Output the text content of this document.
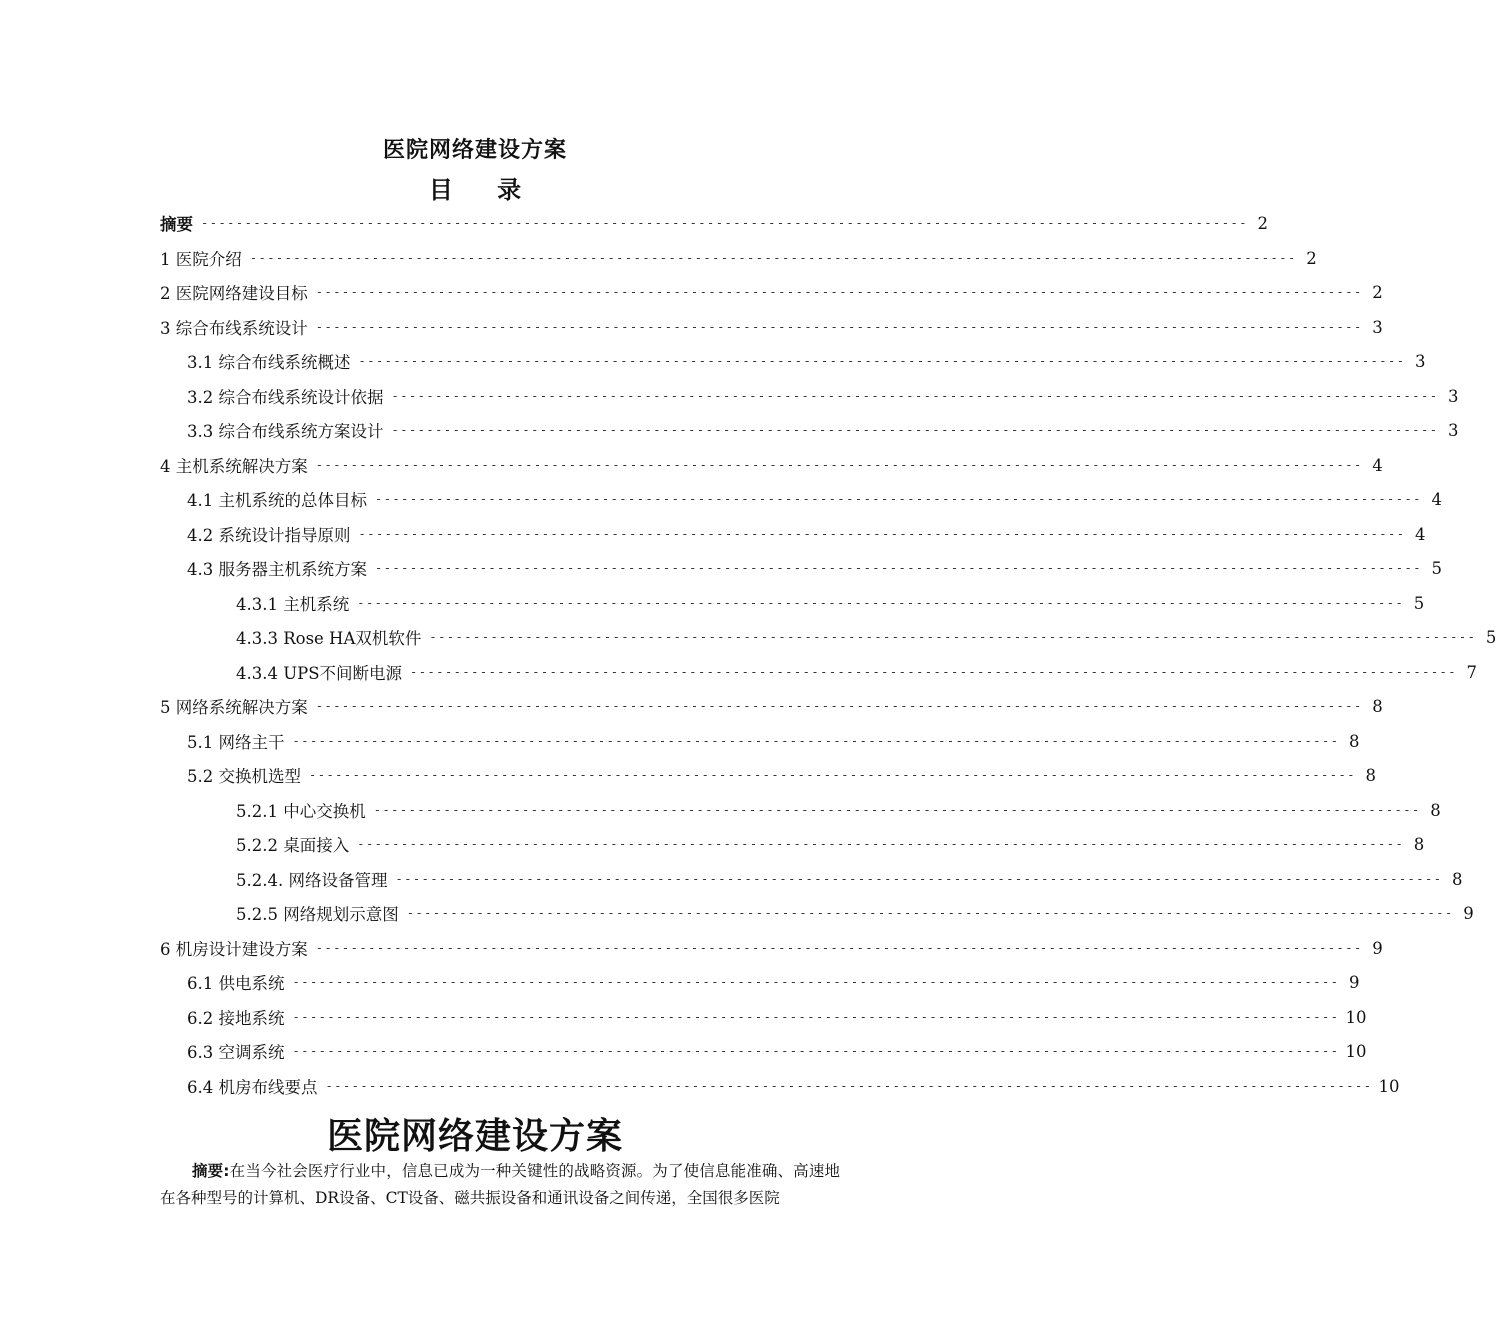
医院网络建设方案
目 录
摘要 ------------------------------------------------------------------------------------------------------------------------ 2
1 医院介绍 ------------------------------------------------------------------------------------------------------------------------ 2
2 医院网络建设目标 ------------------------------------------------------------------------------------------------------------------------ 2
3 综合布线系统设计 ------------------------------------------------------------------------------------------------------------------------ 3
3.1 综合布线系统概述 ------------------------------------------------------------------------------------------------------------------------ 3
3.2 综合布线系统设计依据 ------------------------------------------------------------------------------------------------------------------------ 3
3.3 综合布线系统方案设计 ------------------------------------------------------------------------------------------------------------------------ 3
4 主机系统解决方案 ------------------------------------------------------------------------------------------------------------------------ 4
4.1 主机系统的总体目标 ------------------------------------------------------------------------------------------------------------------------ 4
4.2 系统设计指导原则 ------------------------------------------------------------------------------------------------------------------------ 4
4.3 服务器主机系统方案 ------------------------------------------------------------------------------------------------------------------------ 5
4.3.1 主机系统 ------------------------------------------------------------------------------------------------------------------------ 5
4.3.3 Rose HA双机软件 ------------------------------------------------------------------------------------------------------------------------ 5
4.3.4 UPS不间断电源 ------------------------------------------------------------------------------------------------------------------------ 7
5 网络系统解决方案 ------------------------------------------------------------------------------------------------------------------------ 8
5.1 网络主干 ------------------------------------------------------------------------------------------------------------------------ 8
5.2 交换机选型 ------------------------------------------------------------------------------------------------------------------------ 8
5.2.1 中心交换机 ------------------------------------------------------------------------------------------------------------------------ 8
5.2.2 桌面接入 ------------------------------------------------------------------------------------------------------------------------ 8
5.2.4. 网络设备管理 ------------------------------------------------------------------------------------------------------------------------ 8
5.2.5 网络规划示意图 ------------------------------------------------------------------------------------------------------------------------ 9
6 机房设计建设方案 ------------------------------------------------------------------------------------------------------------------------ 9
6.1 供电系统 ------------------------------------------------------------------------------------------------------------------------ 9
6.2 接地系统 ------------------------------------------------------------------------------------------------------------------------ 10
6.3 空调系统 ------------------------------------------------------------------------------------------------------------------------ 10
6.4 机房布线要点 ------------------------------------------------------------------------------------------------------------------------ 10
医院网络建设方案
摘要:在当今社会医疗行业中，信息已成为一种关键性的战略资源。为了使信息能准确、高速地在各种型号的计算机、DR设备、CT设备、磁共振设备和通讯设备之间传递，全国很多医院
